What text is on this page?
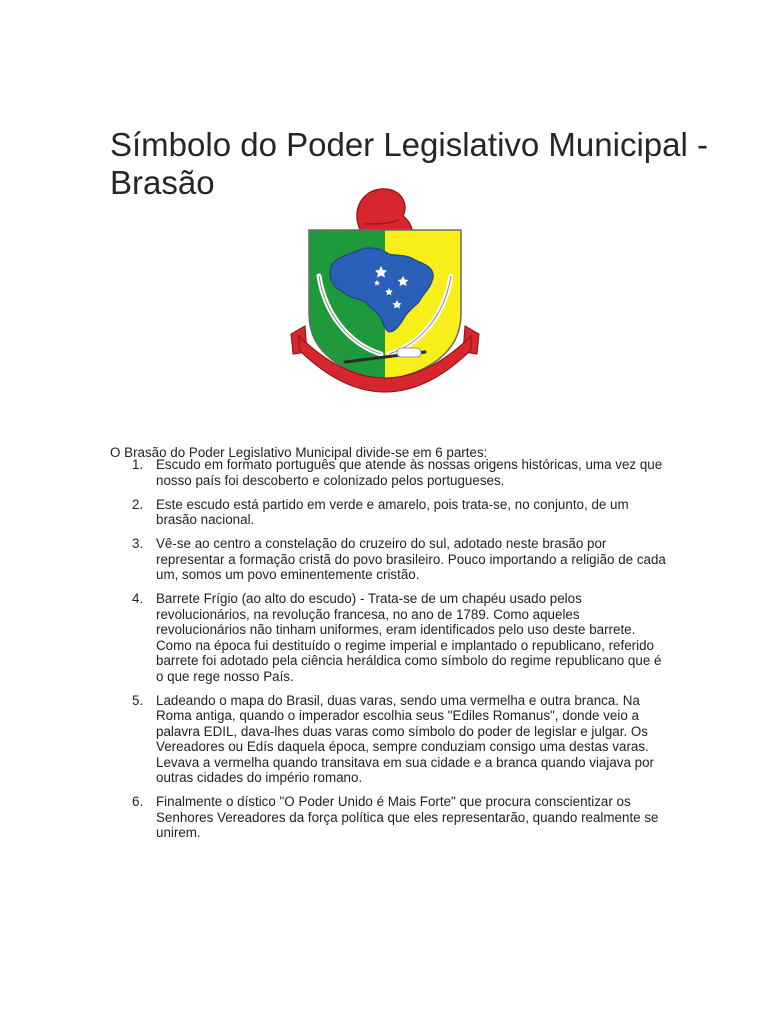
Símbolo do Poder Legislativo Municipal - Brasão	O PODER UNIDO É MAIS FORTE

O Brasão do Poder Legislativo Municipal divide-se em 6 partes:

1. Escudo em formato português que atende às nossas origens históricas, uma vez que nosso país foi descoberto e colonizado pelos portugueses.
2. Este escudo está partido em verde e amarelo, pois trata-se, no conjunto, de um brasão nacional.
3. Vê-se ao centro a constelação do cruzeiro do sul, adotado neste brasão por representar a formação cristã do povo brasileiro. Pouco importando a religião de cada um, somos um povo eminentemente cristão.
4. Barrete Frígio (ao alto do escudo) - Trata-se de um chapéu usado pelos revolucionários, na revolução francesa, no ano de 1789. Como aqueles revolucionários não tinham uniformes, eram identificados pelo uso deste barrete. Como na época fui destituído o regime imperial e implantado o republicano, referido barrete foi adotado pela ciência heráldica como símbolo do regime republicano que é o que rege nosso País.
5. Ladeando o mapa do Brasil, duas varas, sendo uma vermelha e outra branca. Na Roma antiga, quando o imperador escolhia seus "Ediles Romanus", donde veio a palavra EDIL, dava-lhes duas varas como símbolo do poder de legislar e julgar. Os Vereadores ou Edís daquela época, sempre conduziam consigo uma destas varas. Levava a vermelha quando transitava em sua cidade e a branca quando viajava por outras cidades do império romano.
6. Finalmente o dístico "O Poder Unido é Mais Forte" que procura conscientizar os Senhores Vereadores da força política que eles representarão, quando realmente se unirem.
